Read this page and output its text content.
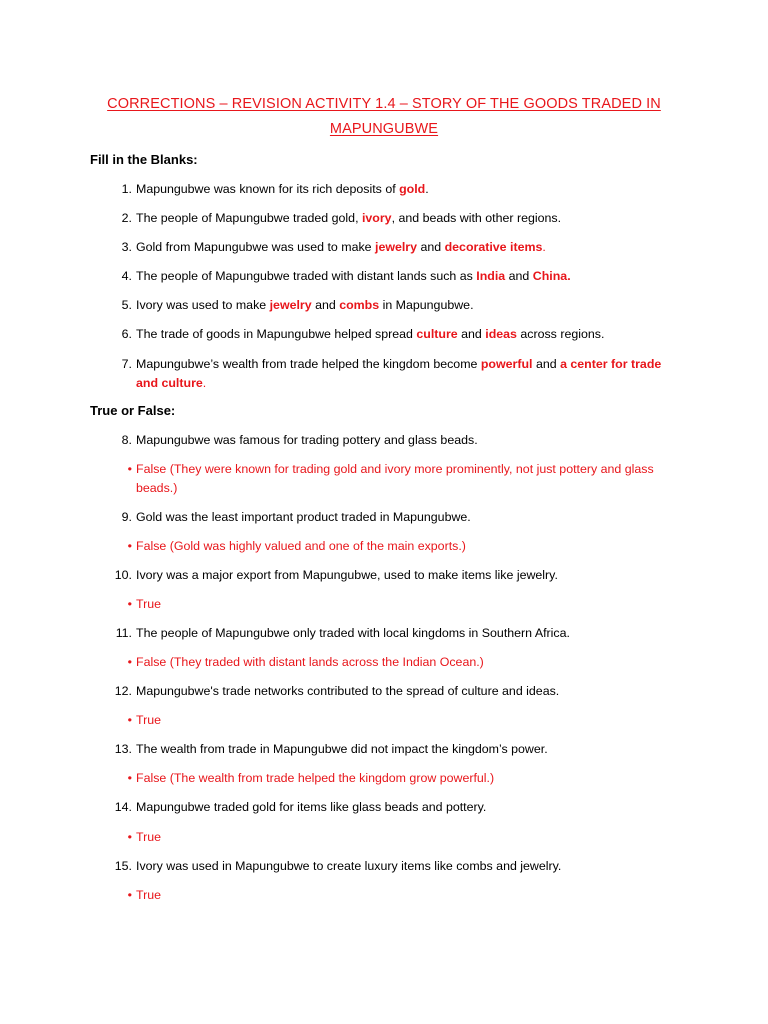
CORRECTIONS – REVISION ACTIVITY 1.4 – STORY OF THE GOODS TRADED IN
MAPUNGUBWE
Fill in the Blanks:
1. Mapungubwe was known for its rich deposits of gold.
2. The people of Mapungubwe traded gold, ivory, and beads with other regions.
3. Gold from Mapungubwe was used to make jewelry and decorative items.
4. The people of Mapungubwe traded with distant lands such as India and China.
5. Ivory was used to make jewelry and combs in Mapungubwe.
6. The trade of goods in Mapungubwe helped spread culture and ideas across regions.
7. Mapungubwe’s wealth from trade helped the kingdom become powerful and a center for trade and culture.
True or False:
8. Mapungubwe was famous for trading pottery and glass beads.
• False (They were known for trading gold and ivory more prominently, not just pottery and glass beads.)
9. Gold was the least important product traded in Mapungubwe.
• False (Gold was highly valued and one of the main exports.)
10. Ivory was a major export from Mapungubwe, used to make items like jewelry.
• True
11. The people of Mapungubwe only traded with local kingdoms in Southern Africa.
• False (They traded with distant lands across the Indian Ocean.)
12. Mapungubwe's trade networks contributed to the spread of culture and ideas.
• True
13. The wealth from trade in Mapungubwe did not impact the kingdom’s power.
• False (The wealth from trade helped the kingdom grow powerful.)
14. Mapungubwe traded gold for items like glass beads and pottery.
• True
15. Ivory was used in Mapungubwe to create luxury items like combs and jewelry.
• True
